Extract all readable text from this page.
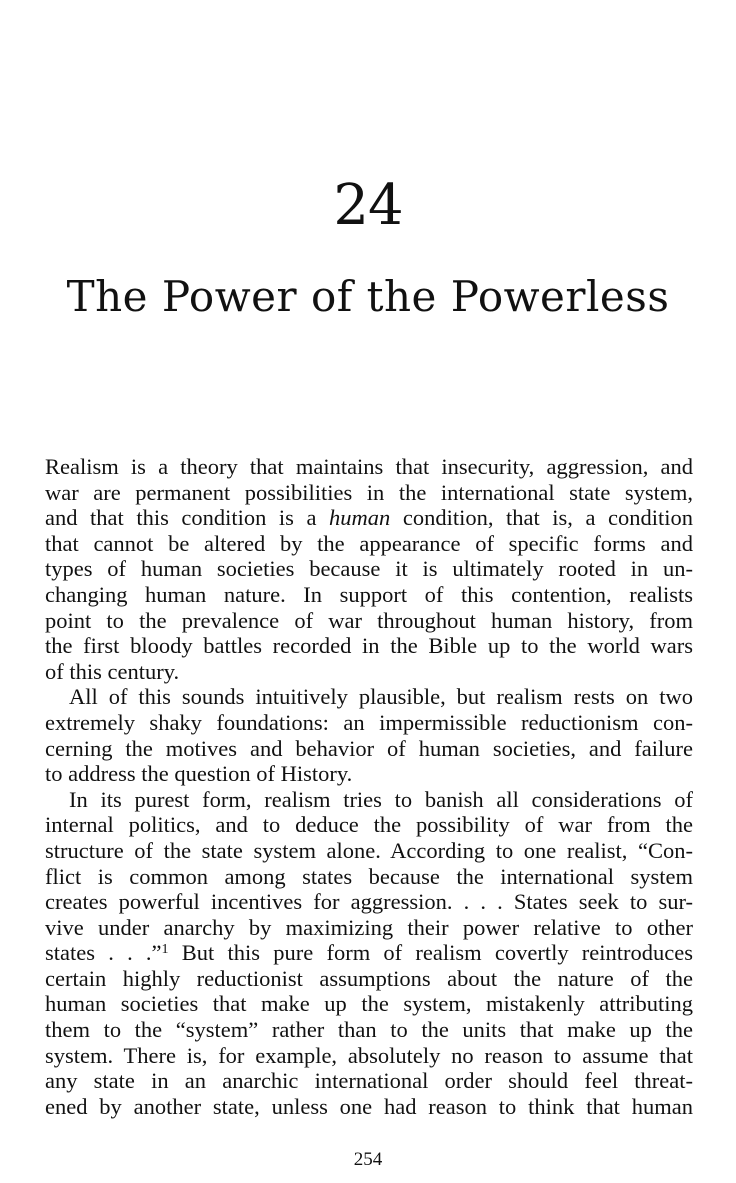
24
The Power of the Powerless
Realism is a theory that maintains that insecurity, aggression, and
war are permanent possibilities in the international state system,
and that this condition is a human condition, that is, a condition
that cannot be altered by the appearance of specific forms and
types of human societies because it is ultimately rooted in un-
changing human nature. In support of this contention, realists
point to the prevalence of war throughout human history, from
the first bloody battles recorded in the Bible up to the world wars
of this century.
All of this sounds intuitively plausible, but realism rests on two
extremely shaky foundations: an impermissible reductionism con-
cerning the motives and behavior of human societies, and failure
to address the question of History.
In its purest form, realism tries to banish all considerations of
internal politics, and to deduce the possibility of war from the
structure of the state system alone. According to one realist, “Con-
flict is common among states because the international system
creates powerful incentives for aggression. . . . States seek to sur-
vive under anarchy by maximizing their power relative to other
states . . .”$^1$ But this pure form of realism covertly reintroduces
certain highly reductionist assumptions about the nature of the
human societies that make up the system, mistakenly attributing
them to the “system” rather than to the units that make up the
system. There is, for example, absolutely no reason to assume that
any state in an anarchic international order should feel threat-
ened by another state, unless one had reason to think that human
254
